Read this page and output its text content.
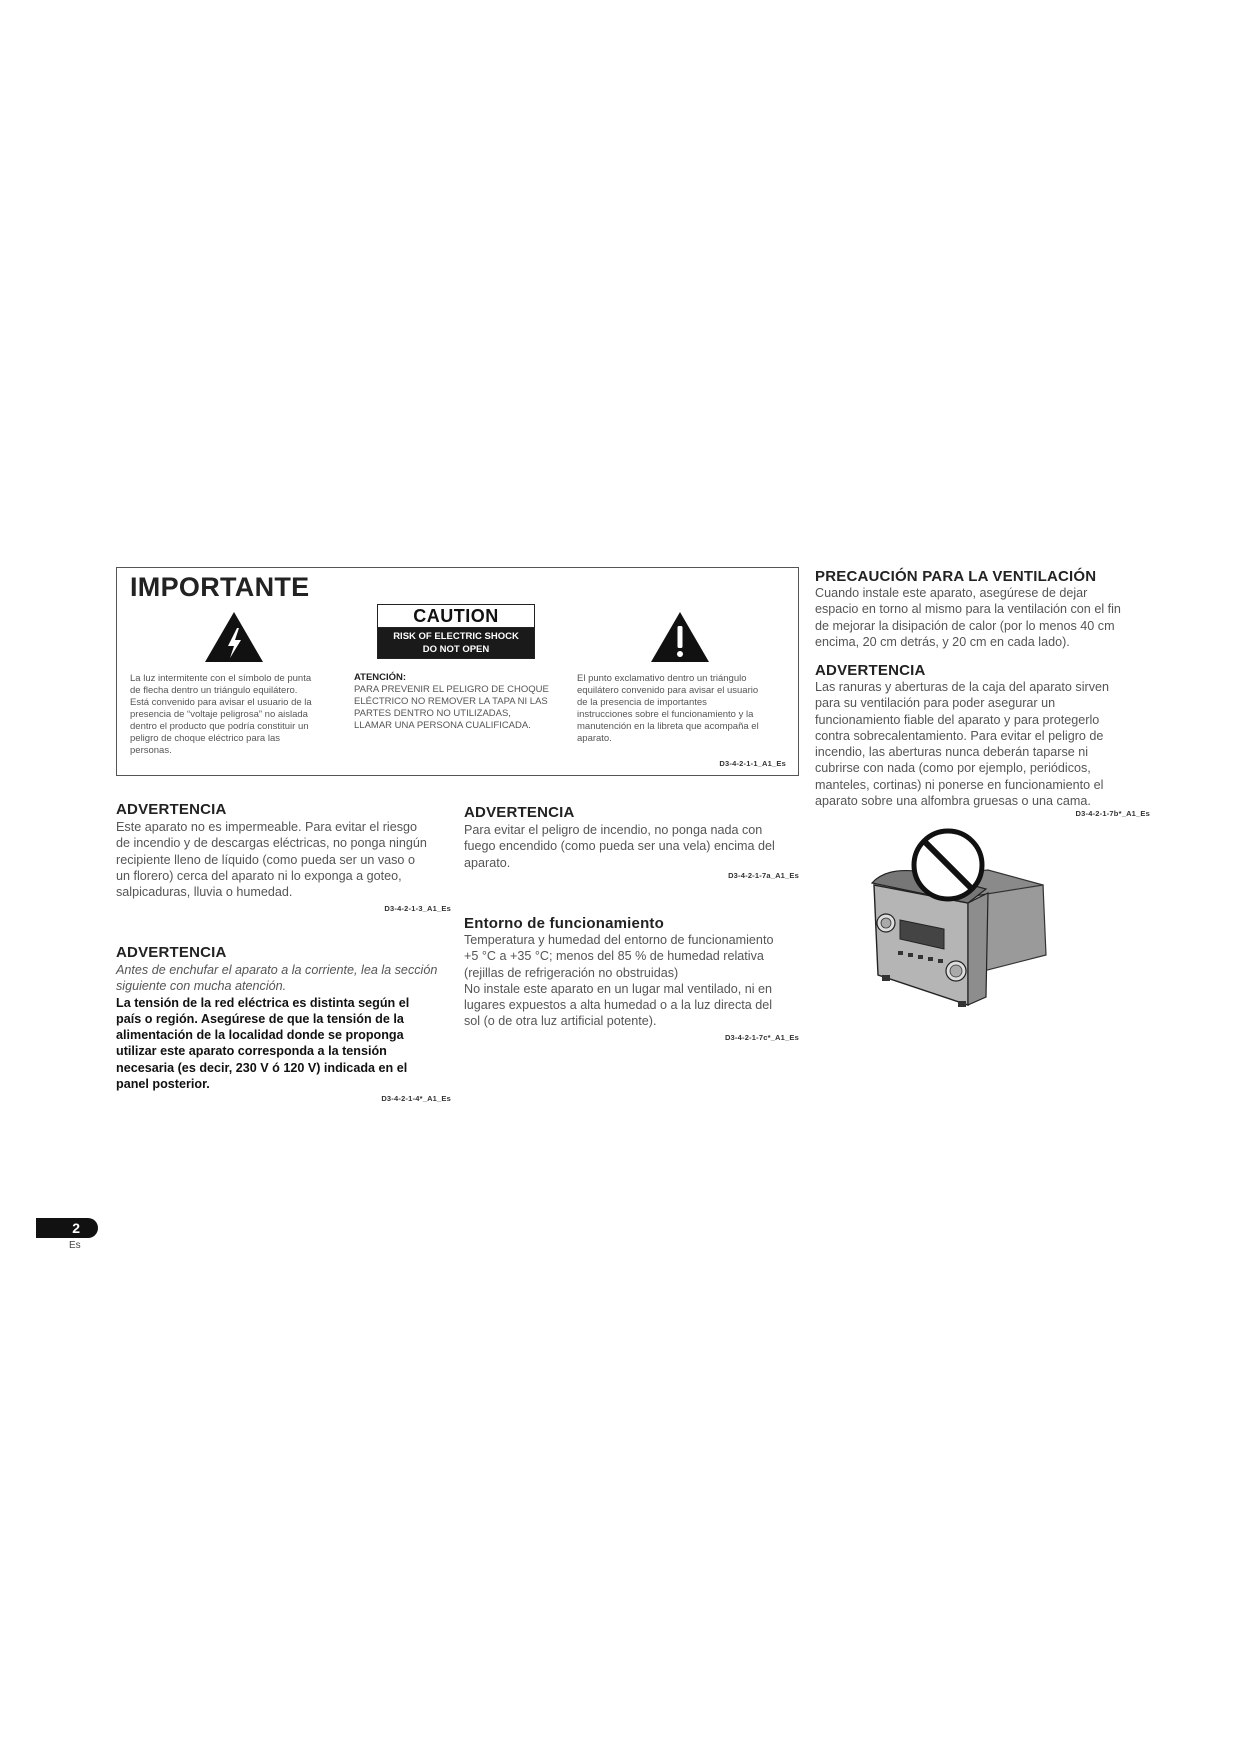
IMPORTANTE
CAUTION
RISK OF ELECTRIC SHOCK
DO NOT OPEN
La luz intermitente con el símbolo de punta
de flecha dentro un triángulo equilátero.
Está convenido para avisar el usuario de la
presencia de “voltaje peligrosa” no aislada
dentro el producto que podría constituir un
peligro de choque eléctrico para las
personas.
ATENCIÓN:
PARA PREVENIR EL PELIGRO DE CHOQUE
ELÉCTRICO NO REMOVER LA TAPA NI LAS
PARTES DENTRO NO UTILIZADAS,
LLAMAR UNA PERSONA CUALIFICADA.
El punto exclamativo dentro un triángulo
equilátero convenido para avisar el usuario
de la presencia de importantes
instrucciones sobre el funcionamiento y la
manutención en la libreta que acompaña el
aparato.
D3-4-2-1-1_A1_Es
ADVERTENCIA
Este aparato no es impermeable. Para evitar el riesgo
de incendio y de descargas eléctricas, no ponga ningún
recipiente lleno de líquido (como pueda ser un vaso o
un florero) cerca del aparato ni lo exponga a goteo,
salpicaduras, lluvia o humedad.
D3-4-2-1-3_A1_Es
ADVERTENCIA
Antes de enchufar el aparato a la corriente, lea la sección
siguiente con mucha atención.
La tensión de la red eléctrica es distinta según el
país o región. Asegúrese de que la tensión de la
alimentación de la localidad donde se proponga
utilizar este aparato corresponda a la tensión
necesaria (es decir, 230 V ó 120 V) indicada en el
panel posterior.
D3-4-2-1-4*_A1_Es
ADVERTENCIA
Para evitar el peligro de incendio, no ponga nada con
fuego encendido (como pueda ser una vela) encima del
aparato.
D3-4-2-1-7a_A1_Es
Entorno de funcionamiento
Temperatura y humedad del entorno de funcionamiento
+5 °C a +35 °C; menos del 85 % de humedad relativa
(rejillas de refrigeración no obstruidas)
No instale este aparato en un lugar mal ventilado, ni en
lugares expuestos a alta humedad o a la luz directa del
sol (o de otra luz artificial potente).
D3-4-2-1-7c*_A1_Es
PRECAUCIÓN PARA LA VENTILACIÓN
Cuando instale este aparato, asegúrese de dejar
espacio en torno al mismo para la ventilación con el fin
de mejorar la disipación de calor (por lo menos 40 cm
encima, 20 cm detrás, y 20 cm en cada lado).
ADVERTENCIA
Las ranuras y aberturas de la caja del aparato sirven
para su ventilación para poder asegurar un
funcionamiento fiable del aparato y para protegerlo
contra sobrecalentamiento. Para evitar el peligro de
incendio, las aberturas nunca deberán taparse ni
cubrirse con nada (como por ejemplo, periódicos,
manteles, cortinas) ni ponerse en funcionamiento el
aparato sobre una alfombra gruesas o una cama.
D3-4-2-1-7b*_A1_Es
2
Es
